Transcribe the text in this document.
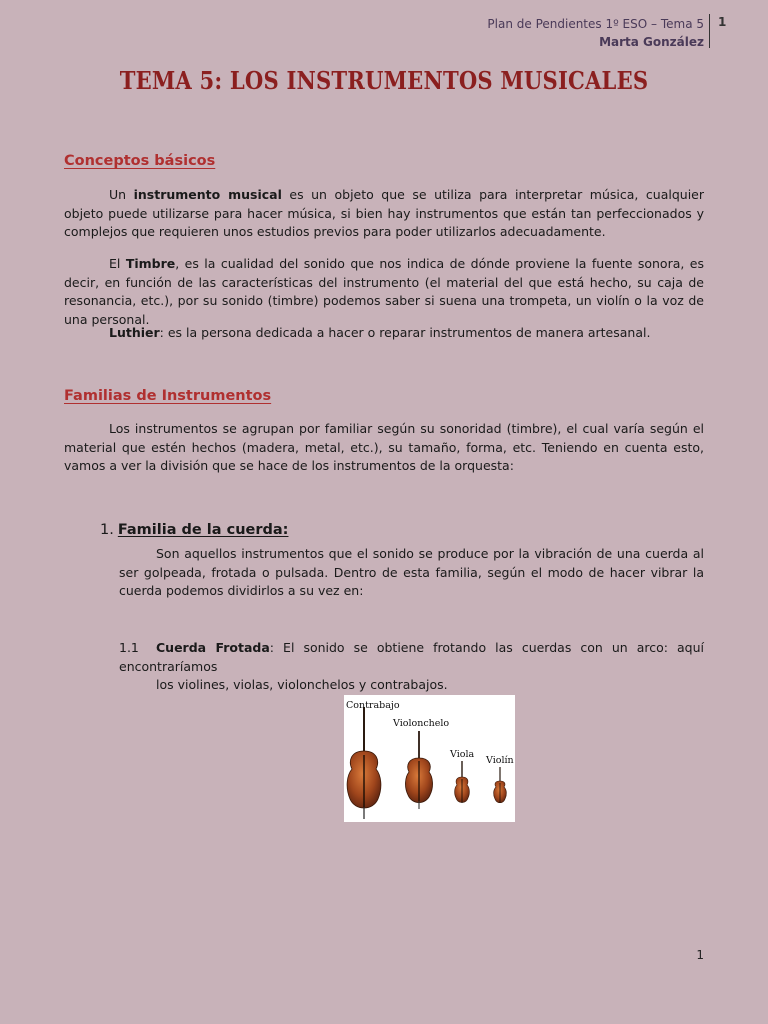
Plan de Pendientes 1º ESO – Tema 5
Marta González
1
TEMA 5: LOS INSTRUMENTOS MUSICALES
Conceptos básicos
Un instrumento musical es un objeto que se utiliza para interpretar música, cualquier objeto puede utilizarse para hacer música, si bien hay instrumentos que están tan perfeccionados y complejos que requieren unos estudios previos para poder utilizarlos adecuadamente.
El Timbre, es la cualidad del sonido que nos indica de dónde proviene la fuente sonora, es decir, en función de las características del instrumento (el material del que está hecho, su caja de resonancia, etc.), por su sonido (timbre) podemos saber si suena una trompeta, un violín o la voz de una personal.
Luthier: es la persona dedicada a hacer o reparar instrumentos de manera artesanal.
Familias de Instrumentos
Los instrumentos se agrupan por familiar según su sonoridad (timbre), el cual varía según el material que estén hechos (madera, metal, etc.), su tamaño, forma, etc. Teniendo en cuenta esto, vamos a ver la división que se hace de los instrumentos de la orquesta:
1. Familia de la cuerda:
Son aquellos instrumentos que el sonido se produce por la vibración de una cuerda al ser golpeada, frotada o pulsada. Dentro de esta familia, según el modo de hacer vibrar la cuerda podemos dividirlos a su vez en:
1.1 Cuerda Frotada: El sonido se obtiene frotando las cuerdas con un arco: aquí encontraríamos
los violines, violas, violonchelos y contrabajos.
Contrabajo
Violonchelo
Viola
Violín
1
